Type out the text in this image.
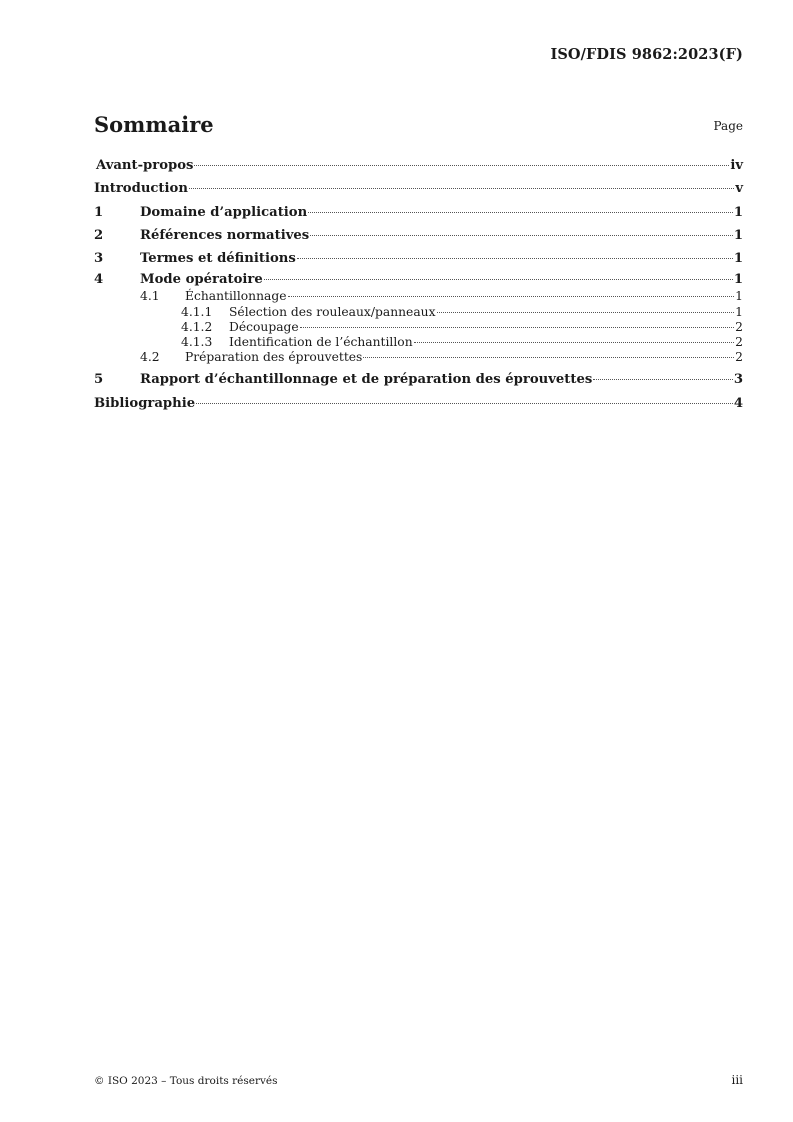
ISO/FDIS 9862:2023(F)
Sommaire	Page
Avant-propos	iv
Introduction	v
1	Domaine d’application	1
2	Références normatives	1
3	Termes et définitions	1
4	Mode opératoire	1
4.1	Échantillonnage	1
4.1.1	Sélection des rouleaux/panneaux	1
4.1.2	Découpage	2
4.1.3	Identification de l’échantillon	2
4.2	Préparation des éprouvettes	2
5	Rapport d’échantillonnage et de préparation des éprouvettes	3
Bibliographie	4
© ISO 2023 – Tous droits réservés	iii
